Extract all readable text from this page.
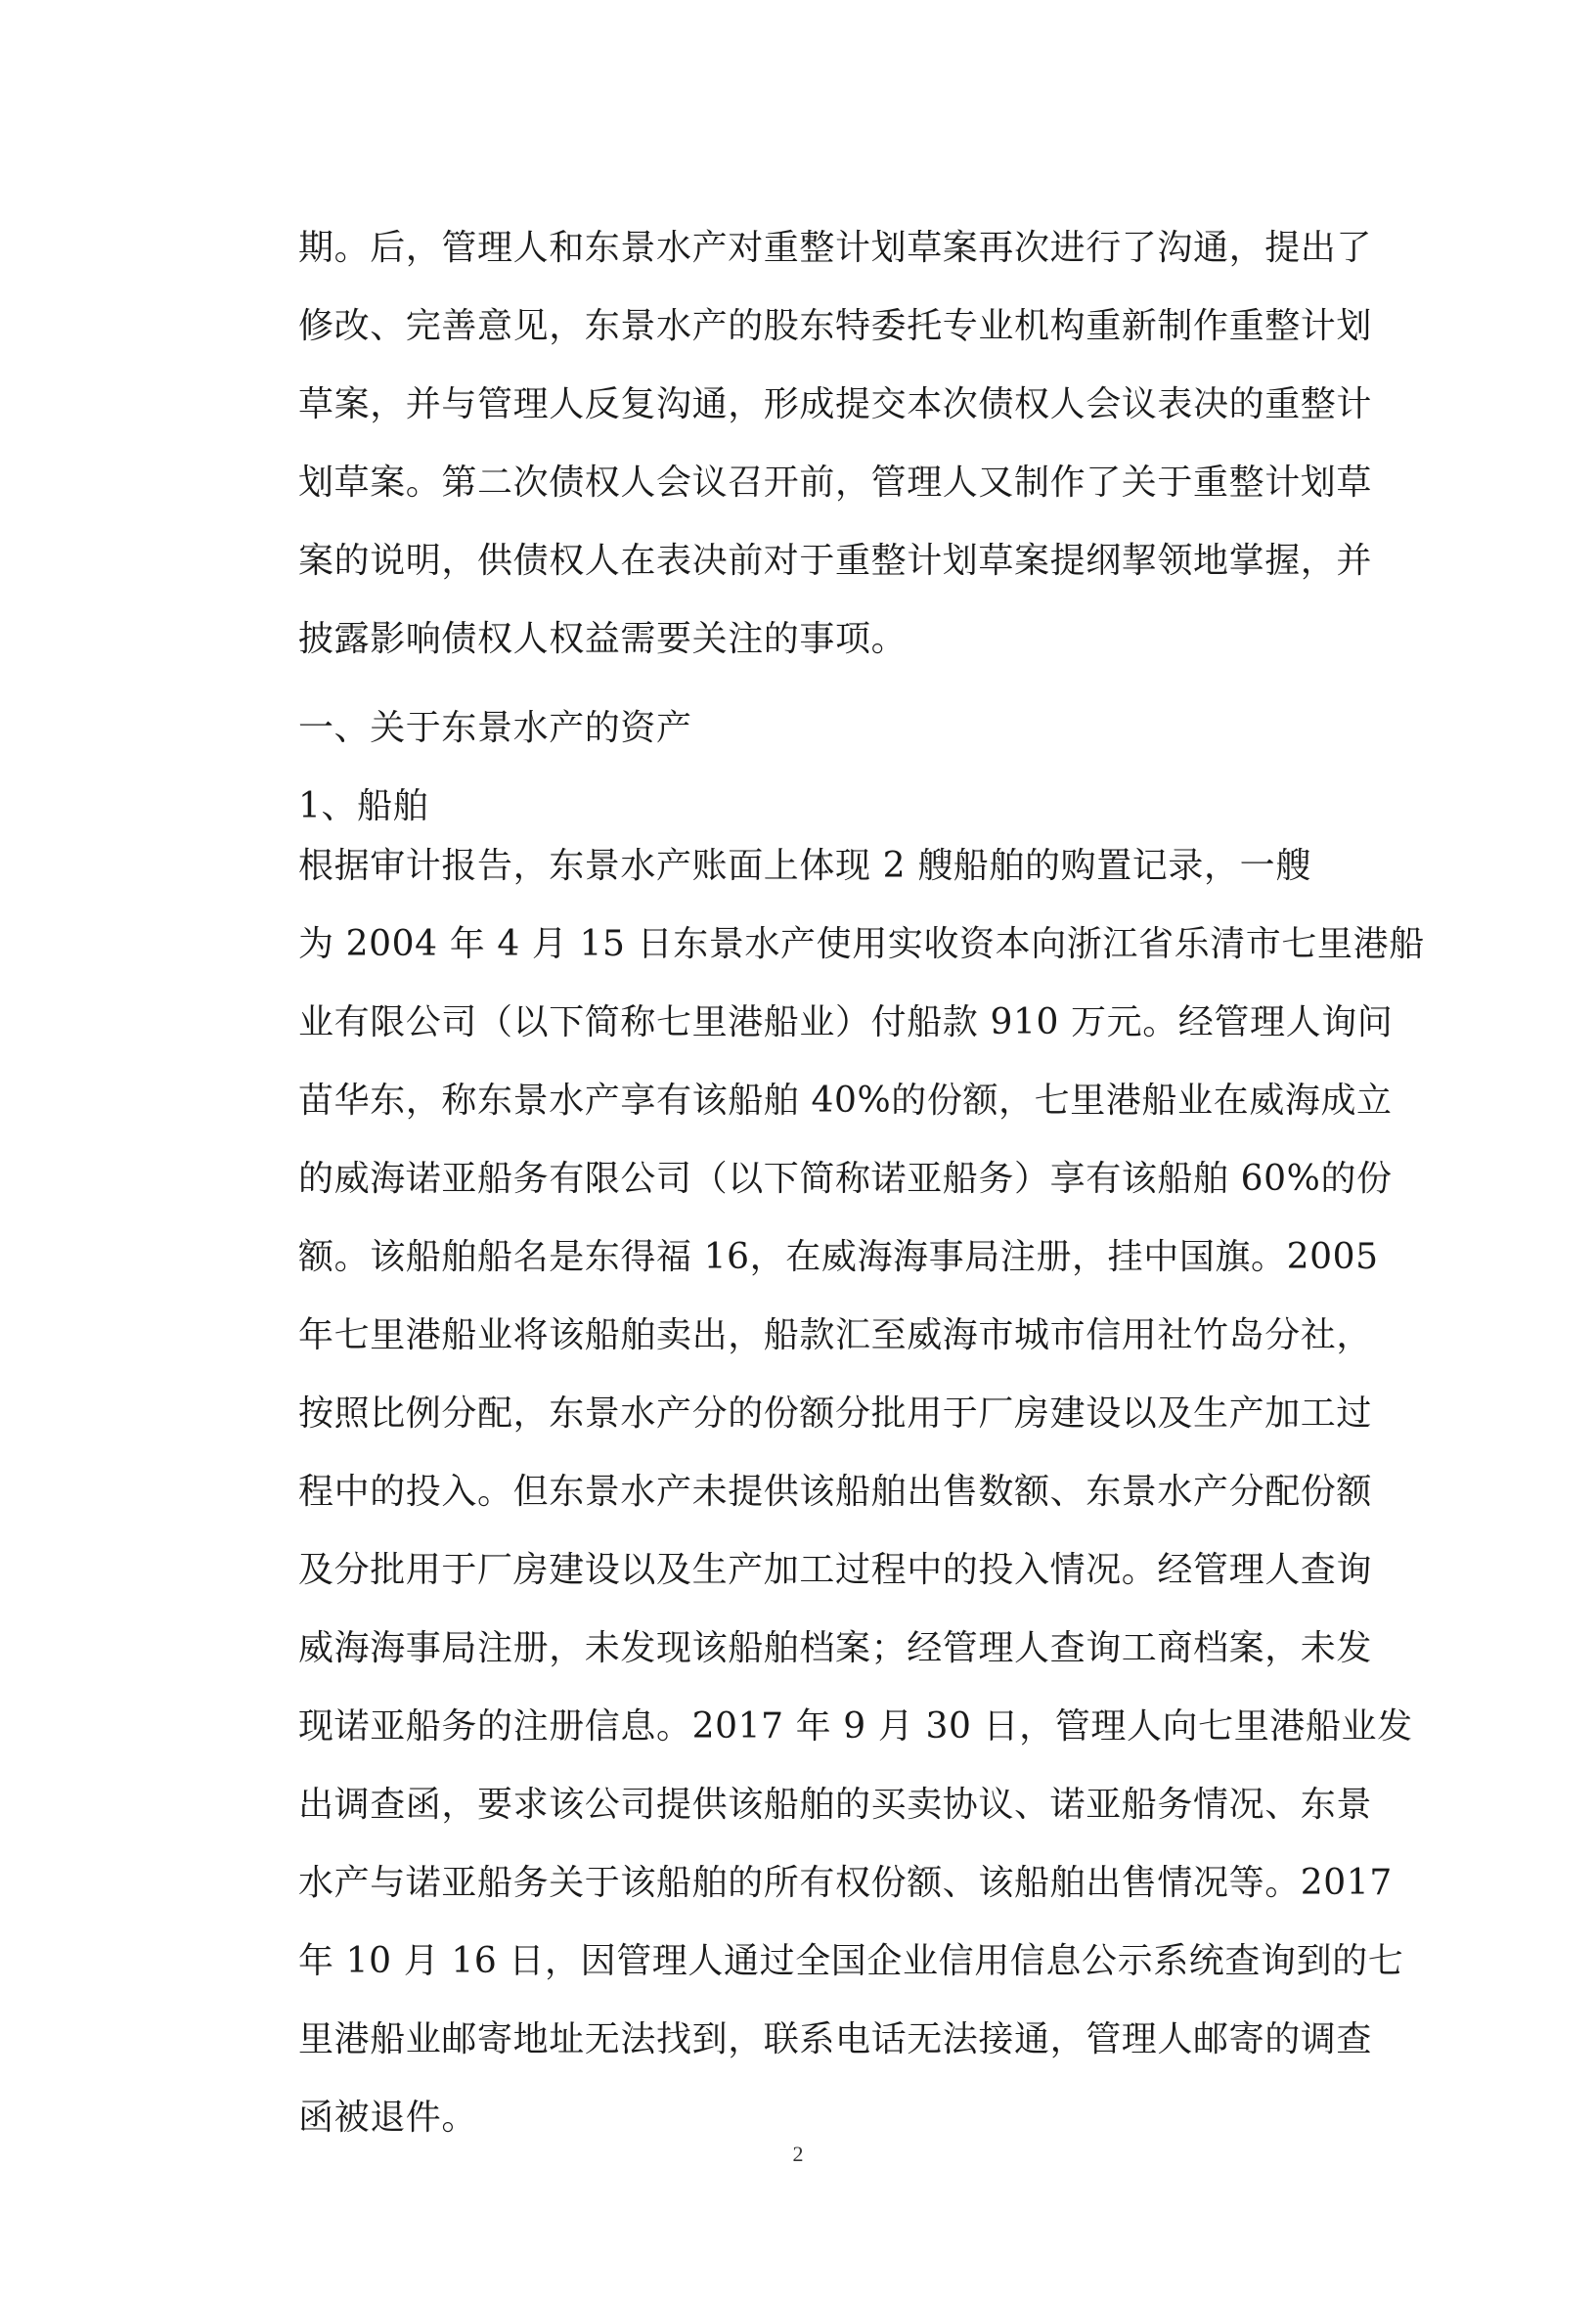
期。后，管理人和东景水产对重整计划草案再次进行了沟通，提出了
修改、完善意见，东景水产的股东特委托专业机构重新制作重整计划
草案，并与管理人反复沟通，形成提交本次债权人会议表决的重整计
划草案。第二次债权人会议召开前，管理人又制作了关于重整计划草
案的说明，供债权人在表决前对于重整计划草案提纲挈领地掌握，并
披露影响债权人权益需要关注的事项。
一、关于东景水产的资产
1、船舶
根据审计报告，东景水产账面上体现 2 艘船舶的购置记录，一艘
为 2004 年 4 月 15 日东景水产使用实收资本向浙江省乐清市七里港船
业有限公司（以下简称七里港船业）付船款 910 万元。经管理人询问
苗华东，称东景水产享有该船舶 40%的份额，七里港船业在威海成立
的威海诺亚船务有限公司（以下简称诺亚船务）享有该船舶 60%的份
额。该船舶船名是东得福 16，在威海海事局注册，挂中国旗。2005
年七里港船业将该船舶卖出，船款汇至威海市城市信用社竹岛分社，
按照比例分配，东景水产分的份额分批用于厂房建设以及生产加工过
程中的投入。但东景水产未提供该船舶出售数额、东景水产分配份额
及分批用于厂房建设以及生产加工过程中的投入情况。经管理人查询
威海海事局注册，未发现该船舶档案；经管理人查询工商档案，未发
现诺亚船务的注册信息。2017 年 9 月 30 日，管理人向七里港船业发
出调查函，要求该公司提供该船舶的买卖协议、诺亚船务情况、东景
水产与诺亚船务关于该船舶的所有权份额、该船舶出售情况等。2017
年 10 月 16 日，因管理人通过全国企业信用信息公示系统查询到的七
里港船业邮寄地址无法找到，联系电话无法接通，管理人邮寄的调查
函被退件。
2
